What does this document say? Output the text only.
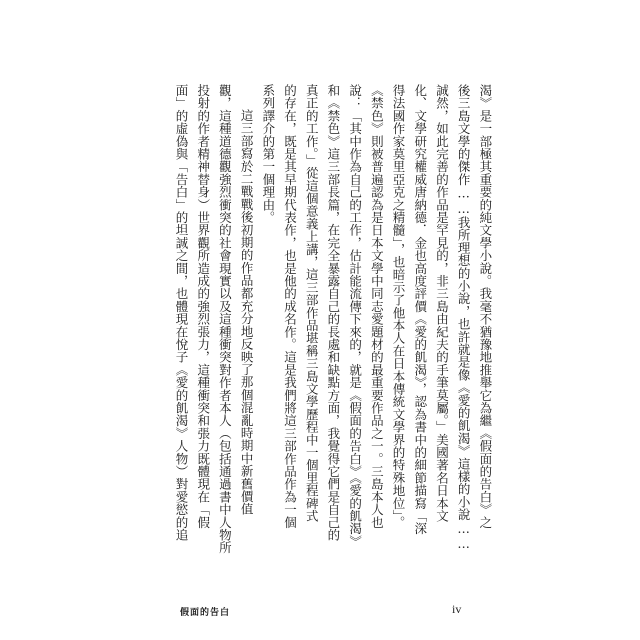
渴》是一部極其重要的純文學小說。我毫不猶豫地推舉它為繼《假面的告白》之
後三島文學的傑作……我所理想的小說，也許就是像《愛的飢渴》這樣的小說……
誠然，如此完善的作品是罕見的，非三島由紀夫的手筆莫屬。」美國著名日本文
化、文學研究權威唐納德．金也高度評價《愛的飢渴》，認為書中的細節描寫「深
得法國作家莫里亞克之精髓」，也暗示了他本人在日本傳統文學界的特殊地位」。
《禁色》則被普遍認為是日本文學中同志愛題材的最重要作品之一。三島本人也
說：「其中作為自己的工作，估計能流傳下來的，就是《假面的告白》《愛的飢渴》
和《禁色》這三部長篇，在完全暴露自己的長處和缺點方面，我覺得它們是自己的
真正的工作。」從這個意義上講，這三部作品堪稱三島文學歷程中一個里程碑式
的存在，既是其早期代表作，也是他的成名作。這是我們將這三部作品作為一個
系列譯介的第一個理由。
這三部寫於二戰戰後初期的作品都充分地反映了那個混亂時期中新舊價值
觀，這種道德觀強烈衝突的社會現實以及這種衝突對作者本人（包括通過書中人物所
投射的作者精神替身）世界觀所造成的強烈張力，這種衝突和張力既體現在「假
面」的虛偽與「告白」的坦誠之間，也體現在悅子《愛的飢渴》人物）對愛慾的追
假面的告白	iv
